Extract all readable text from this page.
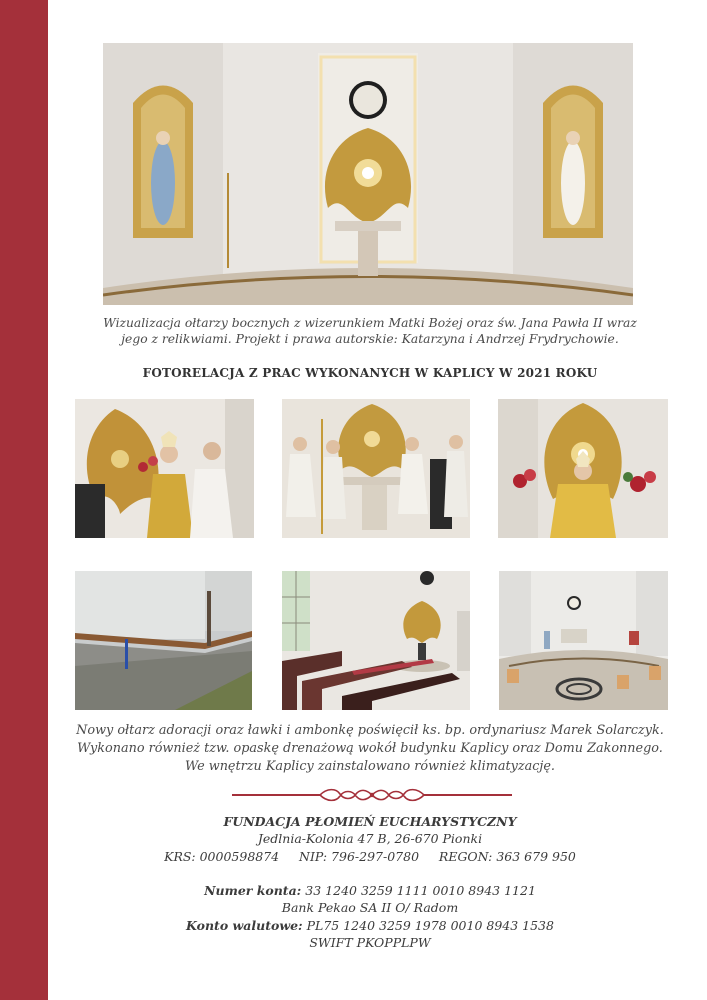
Wizualizacja ołtarzy bocznych z wizerunkiem Matki Bożej oraz św. Jana Pawła II wraz
jego z relikwiami. Projekt i prawa autorskie: Katarzyna i Andrzej Frydrychowie.
FOTORELACJA Z PRAC WYKONANYCH W KAPLICY W 2021 ROKU
Nowy ołtarz adoracji oraz ławki i ambonkę poświęcił ks. bp. ordynariusz Marek Solarczyk.
Wykonano również tzw. opaskę drenażową wokół budynku Kaplicy oraz Domu Zakonnego.
We wnętrzu Kaplicy zainstalowano również klimatyzację.
FUNDACJA PŁOMIEŃ EUCHARYSTYCZNY
Jedlnia-Kolonia 47 B, 26-670 Pionki
KRS: 0000598874 NIP: 796-297-0780 REGON: 363 679 950
Numer konta: 33 1240 3259 1111 0010 8943 1121
Bank Pekao SA II O/ Radom
Konto walutowe: PL75 1240 3259 1978 0010 8943 1538
SWIFT PKOPPLPW
